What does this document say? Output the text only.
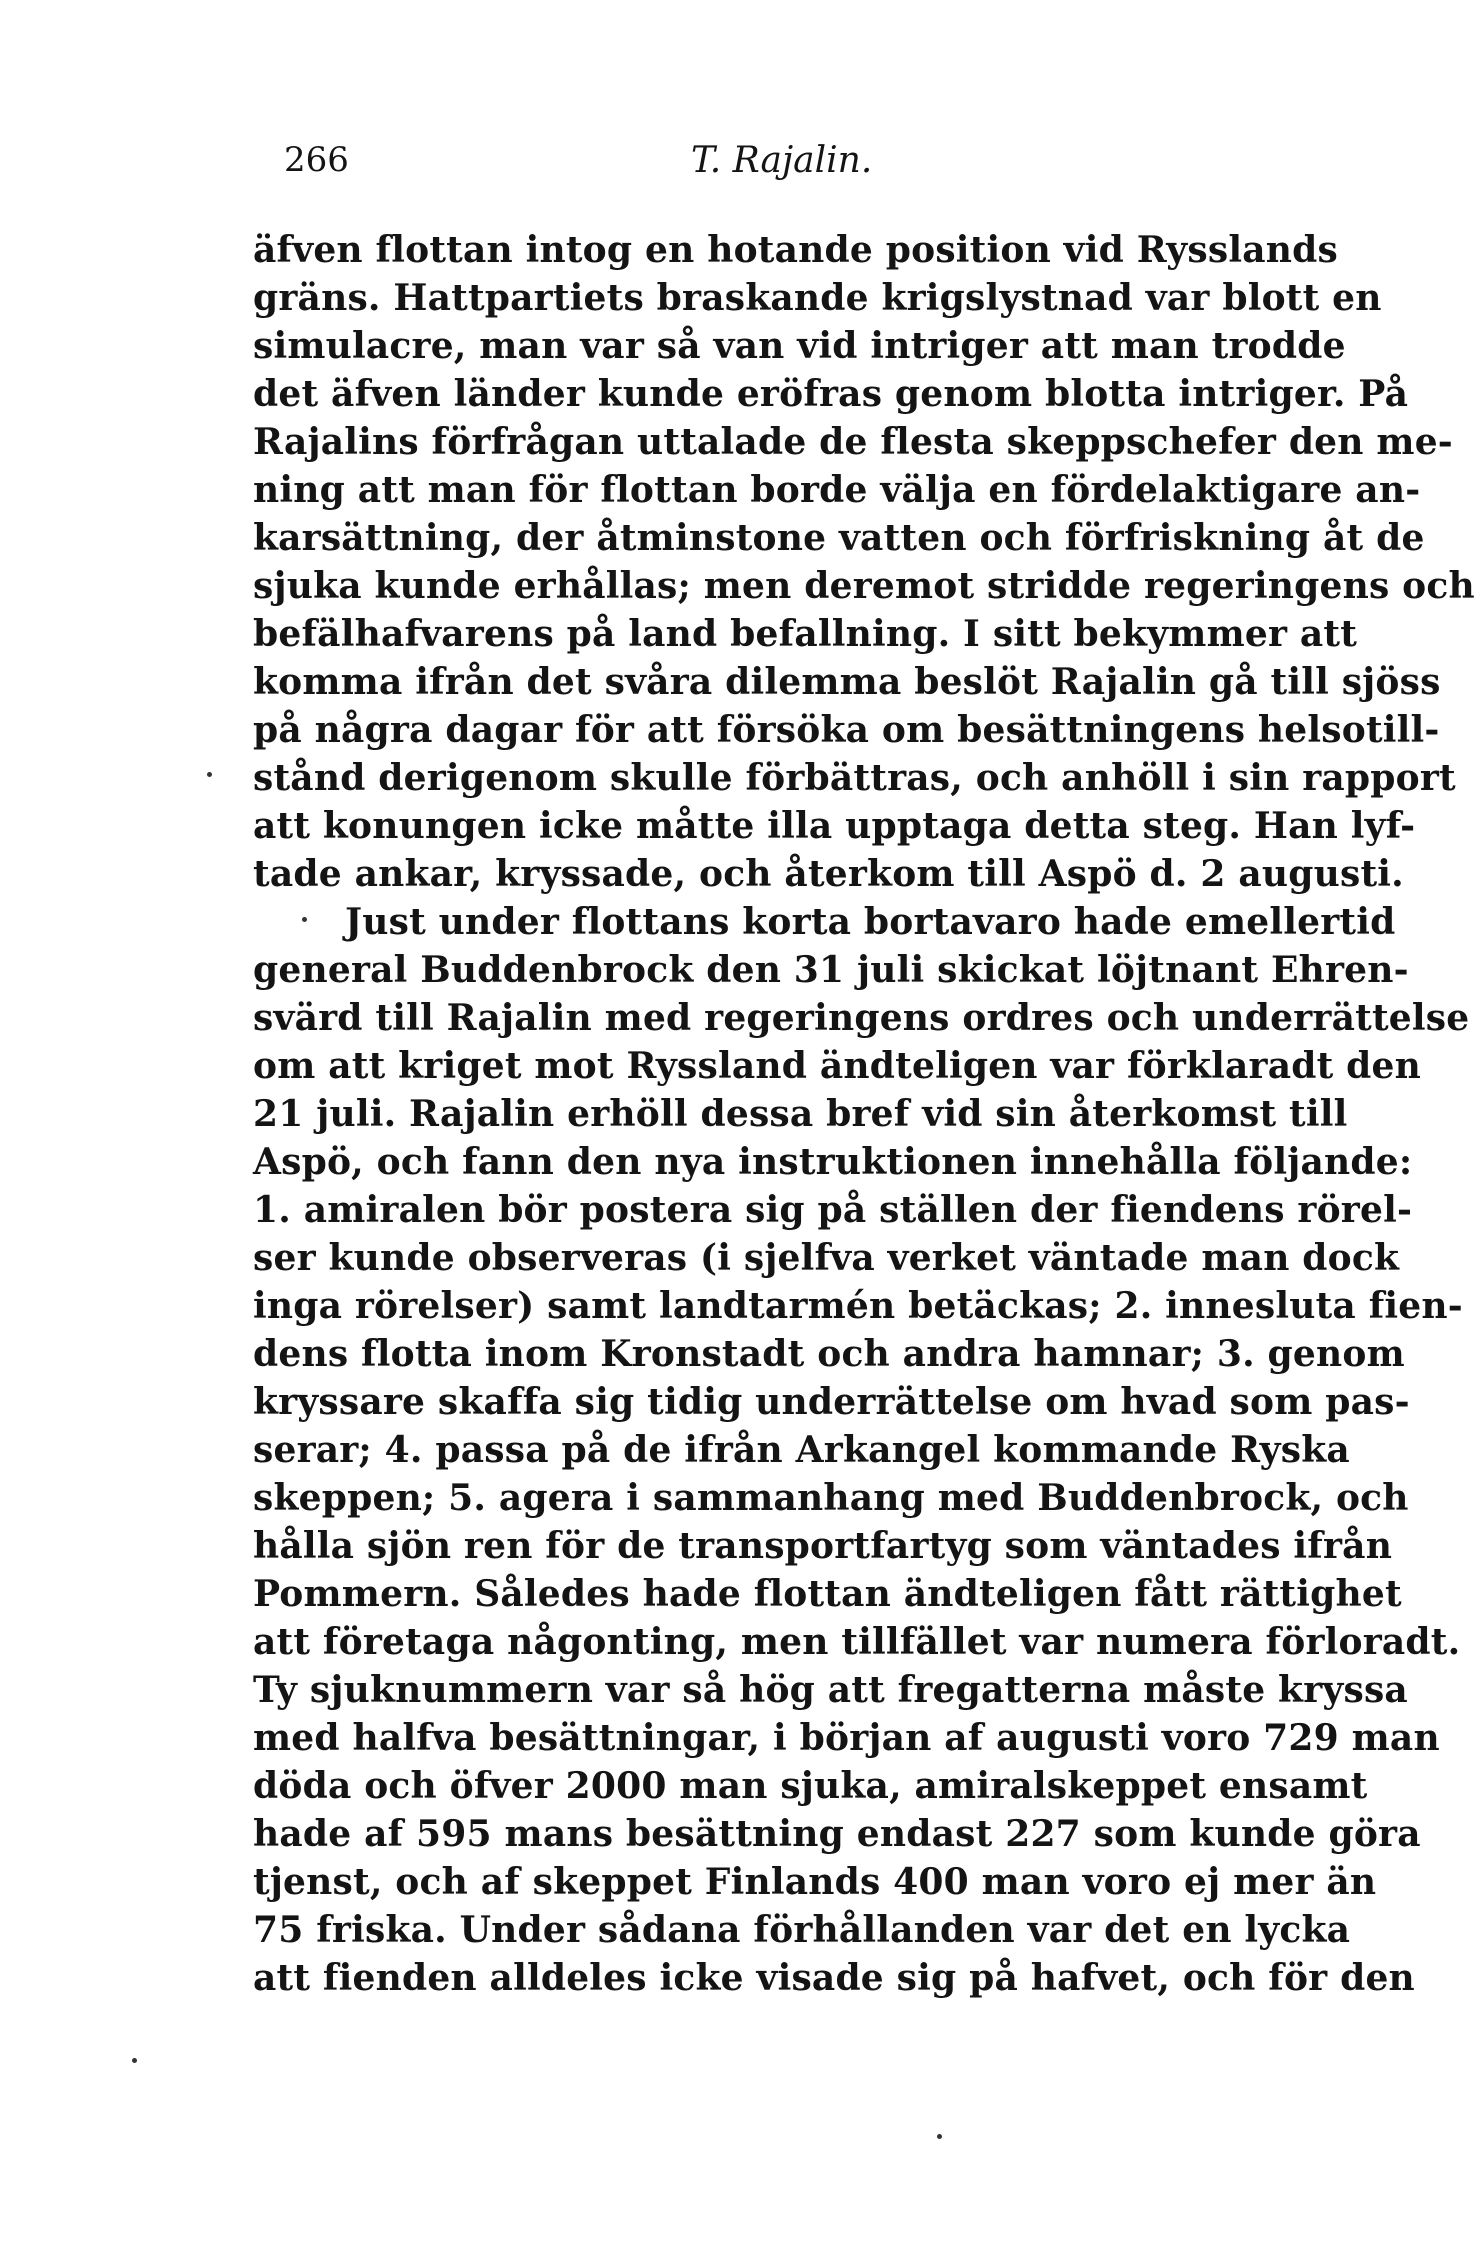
266	T. Rajalin.
äfven flottan intog en hotande position vid Rysslands
gräns. Hattpartiets braskande krigslystnad var blott en
simulacre, man var så van vid intriger att man trodde
det äfven länder kunde eröfras genom blotta intriger. På
Rajalins förfrågan uttalade de flesta skeppschefer den me-
ning att man för flottan borde välja en fördelaktigare an-
karsättning, der åtminstone vatten och förfriskning åt de
sjuka kunde erhållas; men deremot stridde regeringens och
befälhafvarens på land befallning. I sitt bekymmer att
komma ifrån det svåra dilemma beslöt Rajalin gå till sjöss
på några dagar för att försöka om besättningens helsotill-
stånd derigenom skulle förbättras, och anhöll i sin rapport
att konungen icke måtte illa upptaga detta steg. Han lyf-
tade ankar, kryssade, och återkom till Aspö d. 2 augusti.
Just under flottans korta bortavaro hade emellertid
general Buddenbrock den 31 juli skickat löjtnant Ehren-
svärd till Rajalin med regeringens ordres och underrättelse
om att kriget mot Ryssland ändteligen var förklaradt den
21 juli. Rajalin erhöll dessa bref vid sin återkomst till
Aspö, och fann den nya instruktionen innehålla följande:
1. amiralen bör postera sig på ställen der fiendens rörel-
ser kunde observeras (i sjelfva verket väntade man dock
inga rörelser) samt landtarmén betäckas; 2. innesluta fien-
dens flotta inom Kronstadt och andra hamnar; 3. genom
kryssare skaffa sig tidig underrättelse om hvad som pas-
serar; 4. passa på de ifrån Arkangel kommande Ryska
skeppen; 5. agera i sammanhang med Buddenbrock, och
hålla sjön ren för de transportfartyg som väntades ifrån
Pommern. Således hade flottan ändteligen fått rättighet
att företaga någonting, men tillfället var numera förloradt.
Ty sjuknummern var så hög att fregatterna måste kryssa
med halfva besättningar, i början af augusti voro 729 man
döda och öfver 2000 man sjuka, amiralskeppet ensamt
hade af 595 mans besättning endast 227 som kunde göra
tjenst, och af skeppet Finlands 400 man voro ej mer än
75 friska. Under sådana förhållanden var det en lycka
att fienden alldeles icke visade sig på hafvet, och för den
